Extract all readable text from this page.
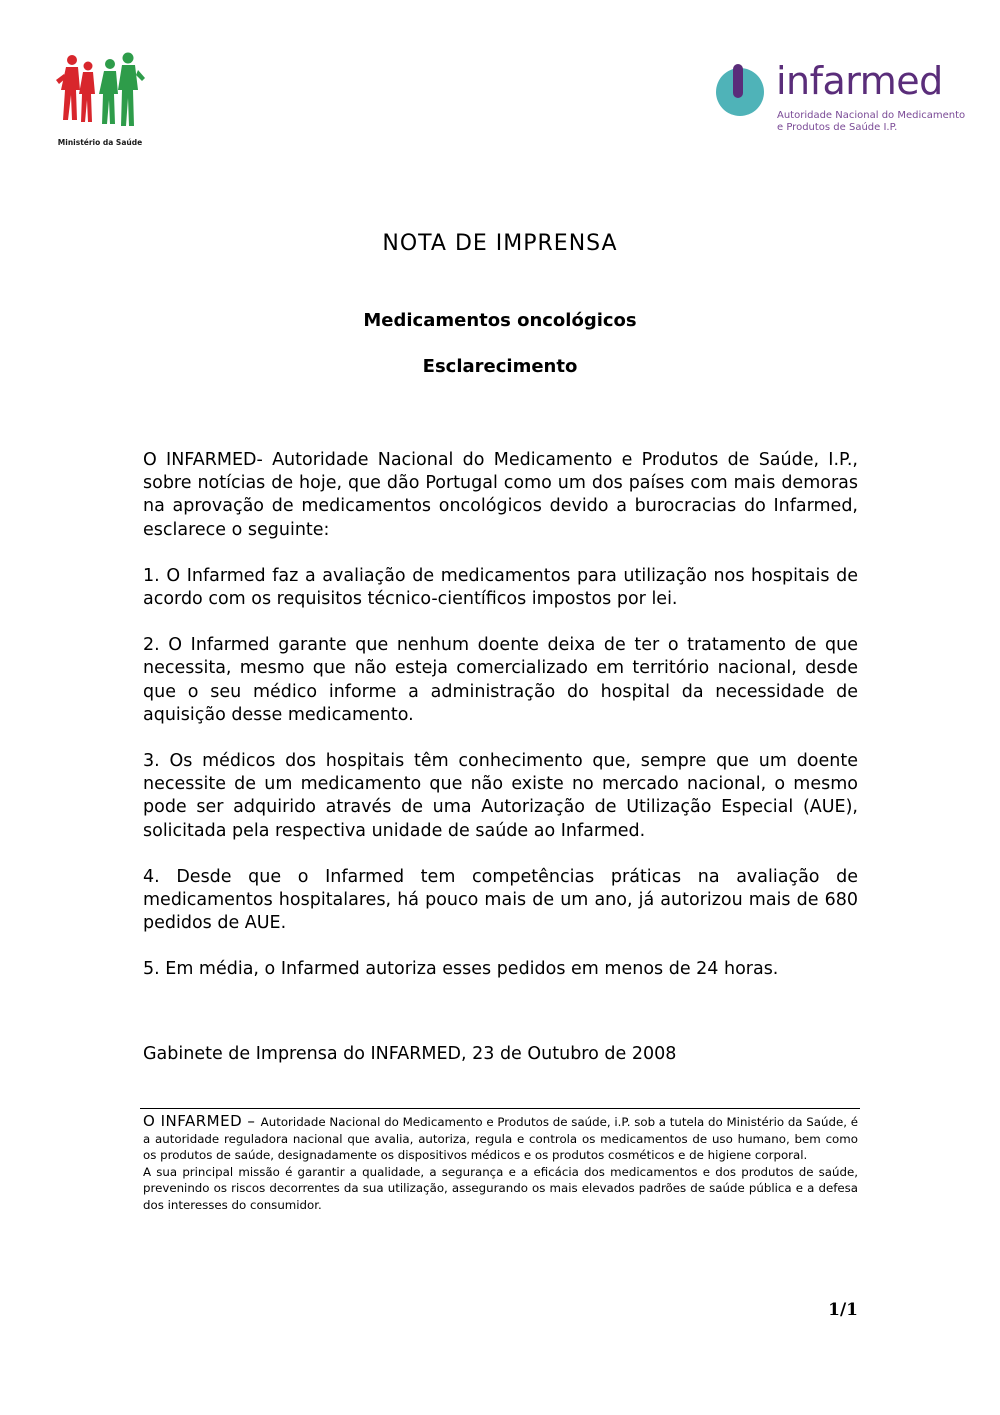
Ministério da Saúde
infarmed
Autoridade Nacional do Medicamento
e Produtos de Saúde I.P.
NOTA DE IMPRENSA
Medicamentos oncológicos
Esclarecimento

O INFARMED- Autoridade Nacional do Medicamento e Produtos de Saúde, I.P., sobre notícias de hoje, que dão Portugal como um dos países com mais demoras na aprovação de medicamentos oncológicos devido a burocracias do Infarmed, esclarece o seguinte:

1. O Infarmed faz a avaliação de medicamentos para utilização nos hospitais de acordo com os requisitos técnico-científicos impostos por lei.

2. O Infarmed garante que nenhum doente deixa de ter o tratamento de que necessita, mesmo que não esteja comercializado em território nacional, desde que o seu médico informe a administração do hospital da necessidade de aquisição desse medicamento.

3. Os médicos dos hospitais têm conhecimento que, sempre que um doente necessite de um medicamento que não existe no mercado nacional, o mesmo pode ser adquirido através de uma Autorização de Utilização Especial (AUE), solicitada pela respectiva unidade de saúde ao Infarmed.

4. Desde que o Infarmed tem competências práticas na avaliação de medicamentos hospitalares, há pouco mais de um ano, já autorizou mais de 680 pedidos de AUE.

5. Em média, o Infarmed autoriza esses pedidos em menos de 24 horas.

Gabinete de Imprensa do INFARMED, 23 de Outubro de 2008

O INFARMED – Autoridade Nacional do Medicamento e Produtos de saúde, i.P. sob a tutela do Ministério da Saúde, é a autoridade reguladora nacional que avalia, autoriza, regula e controla os medicamentos de uso humano, bem como os produtos de saúde, designadamente os dispositivos médicos e os produtos cosméticos e de higiene corporal.

A sua principal missão é garantir a qualidade, a segurança e a eficácia dos medicamentos e dos produtos de saúde, prevenindo os riscos decorrentes da sua utilização, assegurando os mais elevados padrões de saúde pública e a defesa dos interesses do consumidor.

1/1
